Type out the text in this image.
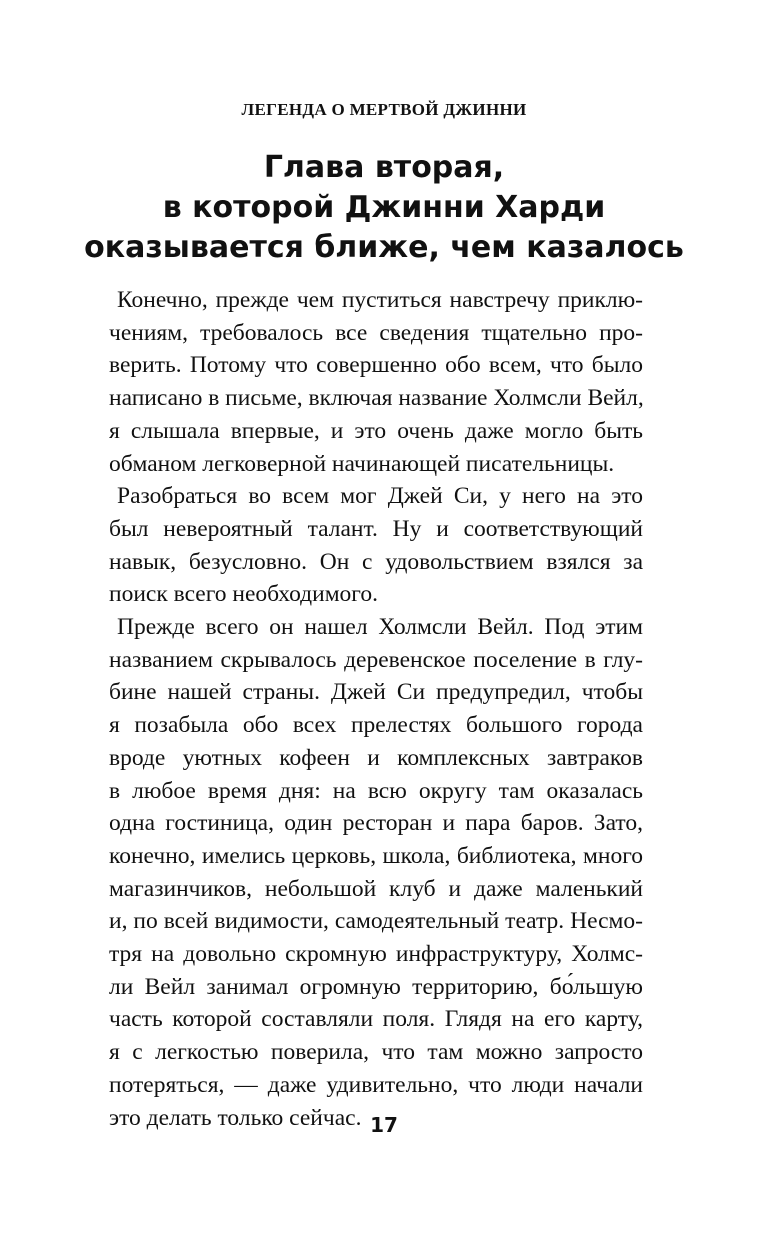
ЛЕГЕНДА О МЕРТВОЙ ДЖИННИ
Глава вторая,
в которой Джинни Харди
оказывается ближе, чем казалось
Конечно, прежде чем пуститься навстречу приклю-
чениям, требовалось все сведения тщательно про-
верить. Потому что совершенно обо всем, что было
написано в письме, включая название Холмсли Вейл,
я слышала впервые, и это очень даже могло быть
обманом легковерной начинающей писательницы.
Разобраться во всем мог Джей Си, у него на это
был невероятный талант. Ну и соответствующий
навык, безусловно. Он с удовольствием взялся за
поиск всего необходимого.
Прежде всего он нашел Холмсли Вейл. Под этим
названием скрывалось деревенское поселение в глу-
бине нашей страны. Джей Си предупредил, чтобы
я позабыла обо всех прелестях большого города
вроде уютных кофеен и комплексных завтраков
в любое время дня: на всю округу там оказалась
одна гостиница, один ресторан и пара баров. Зато,
конечно, имелись церковь, школа, библиотека, много
магазинчиков, небольшой клуб и даже маленький
и, по всей видимости, самодеятельный театр. Несмо-
тря на довольно скромную инфраструктуру, Холмс-
ли Вейл занимал огромную территорию, бо́льшую
часть которой составляли поля. Глядя на его карту,
я с легкостью поверила, что там можно запросто
потеряться, — даже удивительно, что люди начали
это делать только сейчас. 17
